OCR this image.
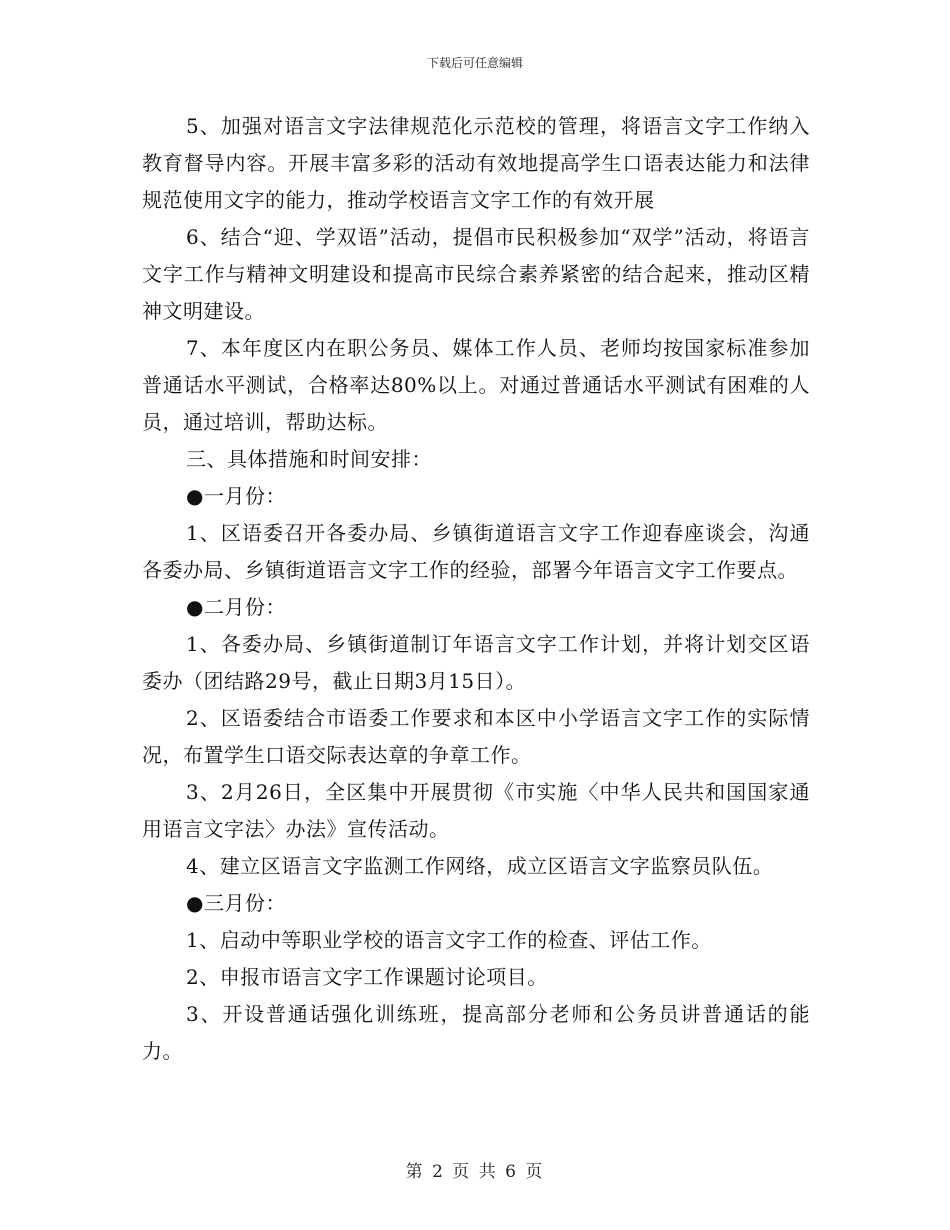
下载后可任意编辑

5、加强对语言文字法律规范化示范校的管理，将语言文字工作纳入教育督导内容。开展丰富多彩的活动有效地提高学生口语表达能力和法律规范使用文字的能力，推动学校语言文字工作的有效开展

6、结合“迎、学双语”活动，提倡市民积极参加“双学”活动，将语言文字工作与精神文明建设和提高市民综合素养紧密的结合起来，推动区精神文明建设。

7、本年度区内在职公务员、媒体工作人员、老师均按国家标准参加普通话水平测试，合格率达80%以上。对通过普通话水平测试有困难的人员，通过培训，帮助达标。

三、具体措施和时间安排：

●一月份：

1、区语委召开各委办局、乡镇街道语言文字工作迎春座谈会，沟通各委办局、乡镇街道语言文字工作的经验，部署今年语言文字工作要点。

●二月份：

1、各委办局、乡镇街道制订年语言文字工作计划，并将计划交区语委办（团结路29号，截止日期3月15日）。

2、区语委结合市语委工作要求和本区中小学语言文字工作的实际情况，布置学生口语交际表达章的争章工作。

3、2月26日，全区集中开展贯彻《市实施〈中华人民共和国国家通用语言文字法〉办法》宣传活动。

4、建立区语言文字监测工作网络，成立区语言文字监察员队伍。

●三月份：

1、启动中等职业学校的语言文字工作的检查、评估工作。

2、申报市语言文字工作课题讨论项目。

3、开设普通话强化训练班，提高部分老师和公务员讲普通话的能力。

第 2 页 共 6 页
